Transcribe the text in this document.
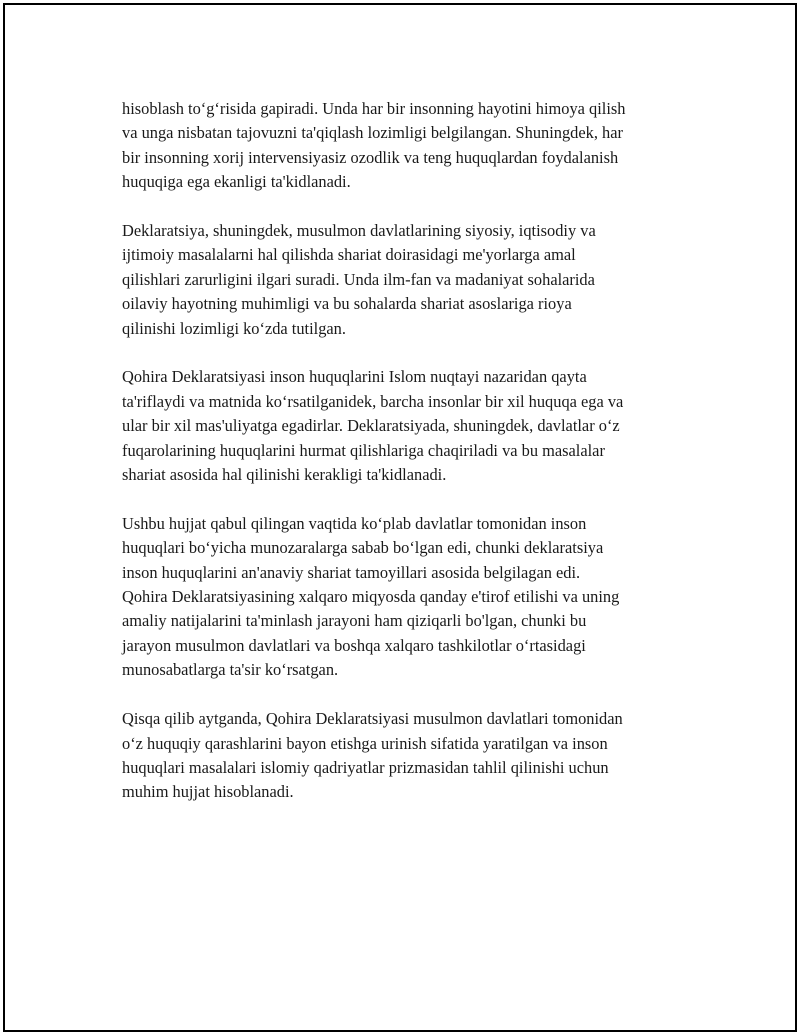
hisoblash to‘g‘risida gapiradi. Unda har bir insonning hayotini himoya qilish
va unga nisbatan tajovuzni ta'qiqlash lozimligi belgilangan. Shuningdek, har
bir insonning xorij intervensiyasiz ozodlik va teng huquqlardan foydalanish
huquqiga ega ekanligi ta'kidlanadi.

Deklaratsiya, shuningdek, musulmon davlatlarining siyosiy, iqtisodiy va
ijtimoiy masalalarni hal qilishda shariat doirasidagi me'yorlarga amal
qilishlari zarurligini ilgari suradi. Unda ilm-fan va madaniyat sohalarida
oilaviy hayotning muhimligi va bu sohalarda shariat asoslariga rioya
qilinishi lozimligi ko‘zda tutilgan.

Qohira Deklaratsiyasi inson huquqlarini Islom nuqtayi nazaridan qayta
ta'riflaydi va matnida ko‘rsatilganidek, barcha insonlar bir xil huquqa ega va
ular bir xil mas'uliyatga egadirlar. Deklaratsiyada, shuningdek, davlatlar o‘z
fuqarolarining huquqlarini hurmat qilishlariga chaqiriladi va bu masalalar
shariat asosida hal qilinishi kerakligi ta'kidlanadi.

Ushbu hujjat qabul qilingan vaqtida ko‘plab davlatlar tomonidan inson
huquqlari bo‘yicha munozaralarga sabab bo‘lgan edi, chunki deklaratsiya
inson huquqlarini an'anaviy shariat tamoyillari asosida belgilagan edi.
Qohira Deklaratsiyasining xalqaro miqyosda qanday e'tirof etilishi va uning
amaliy natijalarini ta'minlash jarayoni ham qiziqarli bo'lgan, chunki bu
jarayon musulmon davlatlari va boshqa xalqaro tashkilotlar o‘rtasidagi
munosabatlarga ta'sir ko‘rsatgan.

Qisqa qilib aytganda, Qohira Deklaratsiyasi musulmon davlatlari tomonidan
o‘z huquqiy qarashlarini bayon etishga urinish sifatida yaratilgan va inson
huquqlari masalalari islomiy qadriyatlar prizmasidan tahlil qilinishi uchun
muhim hujjat hisoblanadi.
